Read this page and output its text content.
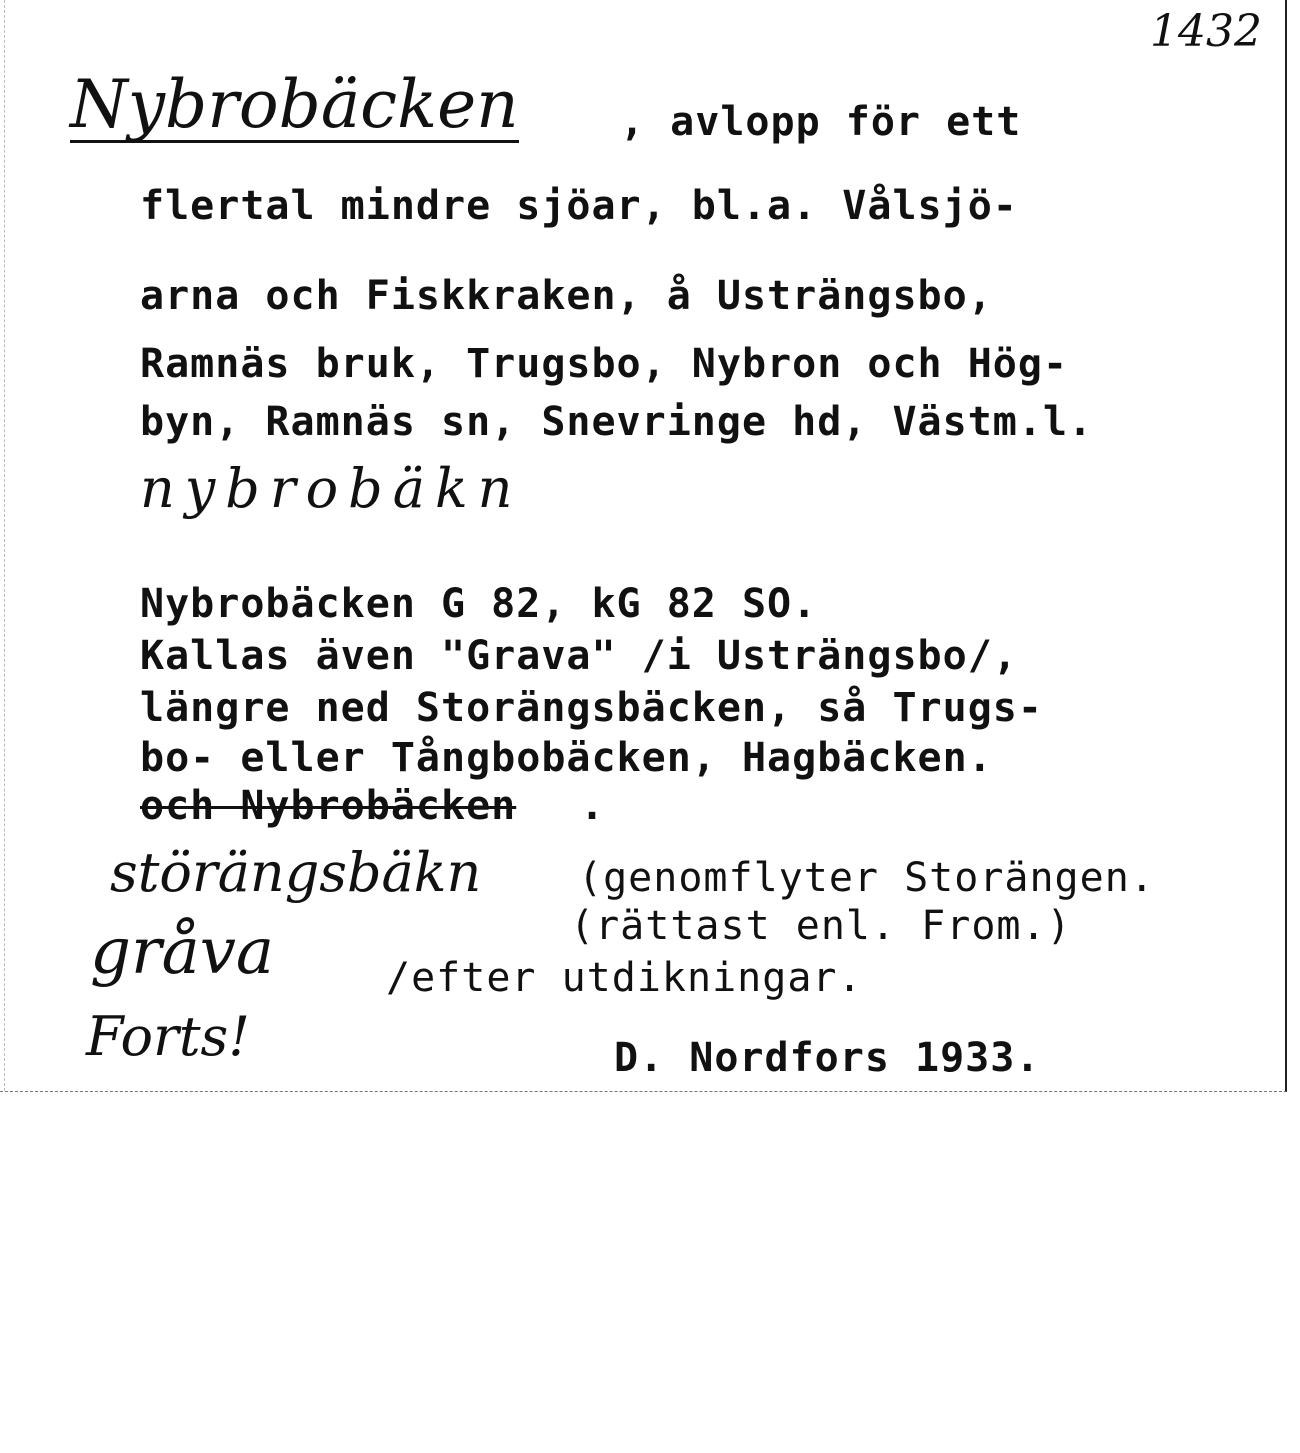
1432
Nybrobäcken	, avlopp för ett
flertal mindre sjöar, bl.a. Vålsjö-
arna och Fiskkraken, å Usträngsbo,
Ramnäs bruk, Trugsbo, Nybron och Hög-
byn, Ramnäs sn, Snevringe hd, Västm.l.
nybrobäkn
Nybrobäcken G 82, kG 82 SO.
Kallas även "Grava" /i Usträngsbo/,
längre ned Storängsbäcken, så Trugs-
bo- eller Tångbobäcken, Hagbäcken.
och Nybrobäcken .
störängsbäkn (genomflyter Storängen.
(rättast enl. From.)
gråva	/efter utdikningar.
Forts!	D. Nordfors 1933.
